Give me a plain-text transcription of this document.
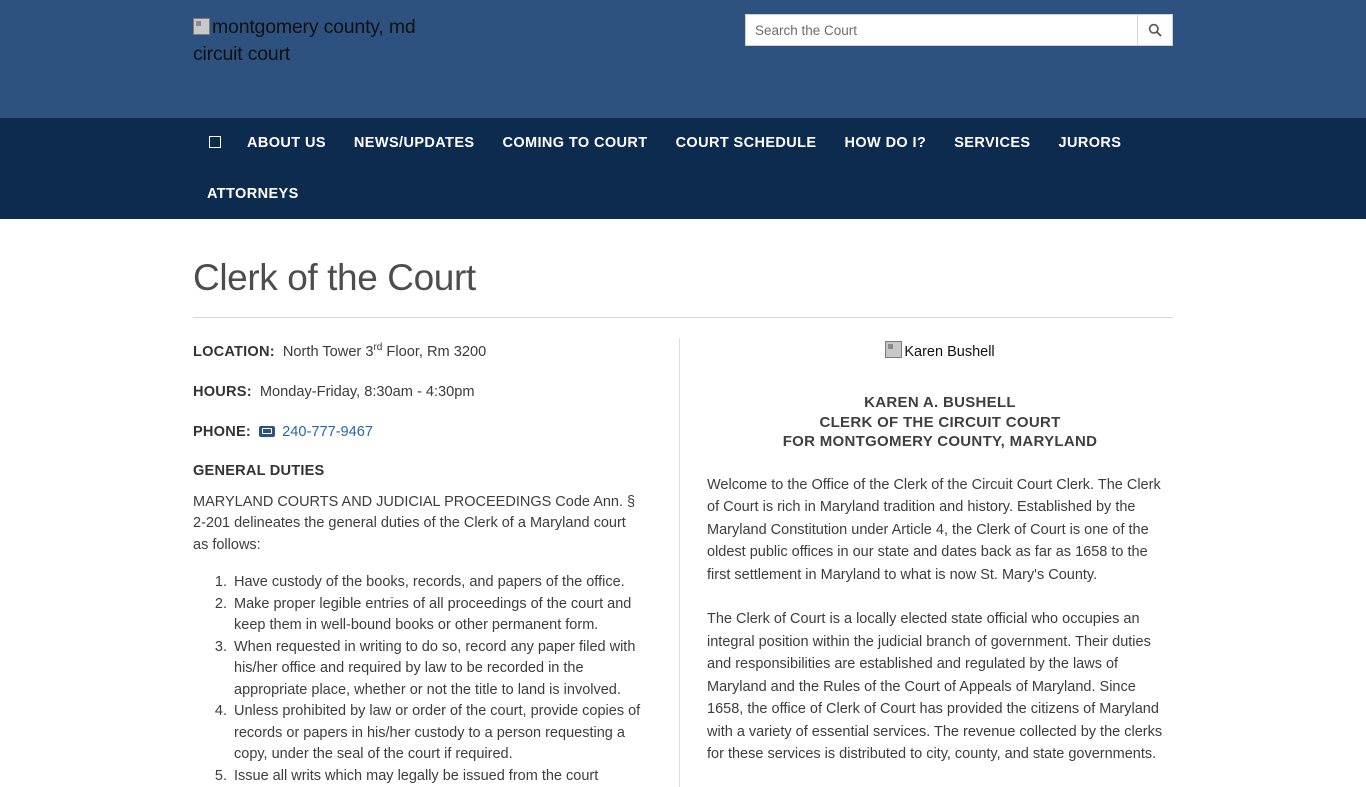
montgomery county, md circuit court
Search the Court
ABOUT US	NEWS/UPDATES	COMING TO COURT	COURT SCHEDULE	HOW DO I?	SERVICES	JURORS
ATTORNEYS
Clerk of the Court

LOCATION: North Tower 3rd Floor, Rm 3200

HOURS: Monday-Friday, 8:30am - 4:30pm

PHONE: 240-777-9467

GENERAL DUTIES

MARYLAND COURTS AND JUDICIAL PROCEEDINGS Code Ann. § 2-201 delineates the general duties of the Clerk of a Maryland court as follows:

1. Have custody of the books, records, and papers of the office.
2. Make proper legible entries of all proceedings of the court and keep them in well-bound books or other permanent form.
3. When requested in writing to do so, record any paper filed with his/her office and required by law to be recorded in the appropriate place, whether or not the title to land is involved.
4. Unless prohibited by law or order of the court, provide copies of records or papers in his/her custody to a person requesting a copy, under the seal of the court if required.
5. Issue all writs which may legally be issued from the court
Karen Bushell
KAREN A. BUSHELL
CLERK OF THE CIRCUIT COURT
FOR MONTGOMERY COUNTY, MARYLAND

Welcome to the Office of the Clerk of the Circuit Court Clerk. The Clerk of Court is rich in Maryland tradition and history. Established by the Maryland Constitution under Article 4, the Clerk of Court is one of the oldest public offices in our state and dates back as far as 1658 to the first settlement in Maryland to what is now St. Mary's County.

The Clerk of Court is a locally elected state official who occupies an integral position within the judicial branch of government. Their duties and responsibilities are established and regulated by the laws of Maryland and the Rules of the Court of Appeals of Maryland. Since 1658, the office of Clerk of Court has provided the citizens of Maryland with a variety of essential services. The revenue collected by the clerks for these services is distributed to city, county, and state governments.
